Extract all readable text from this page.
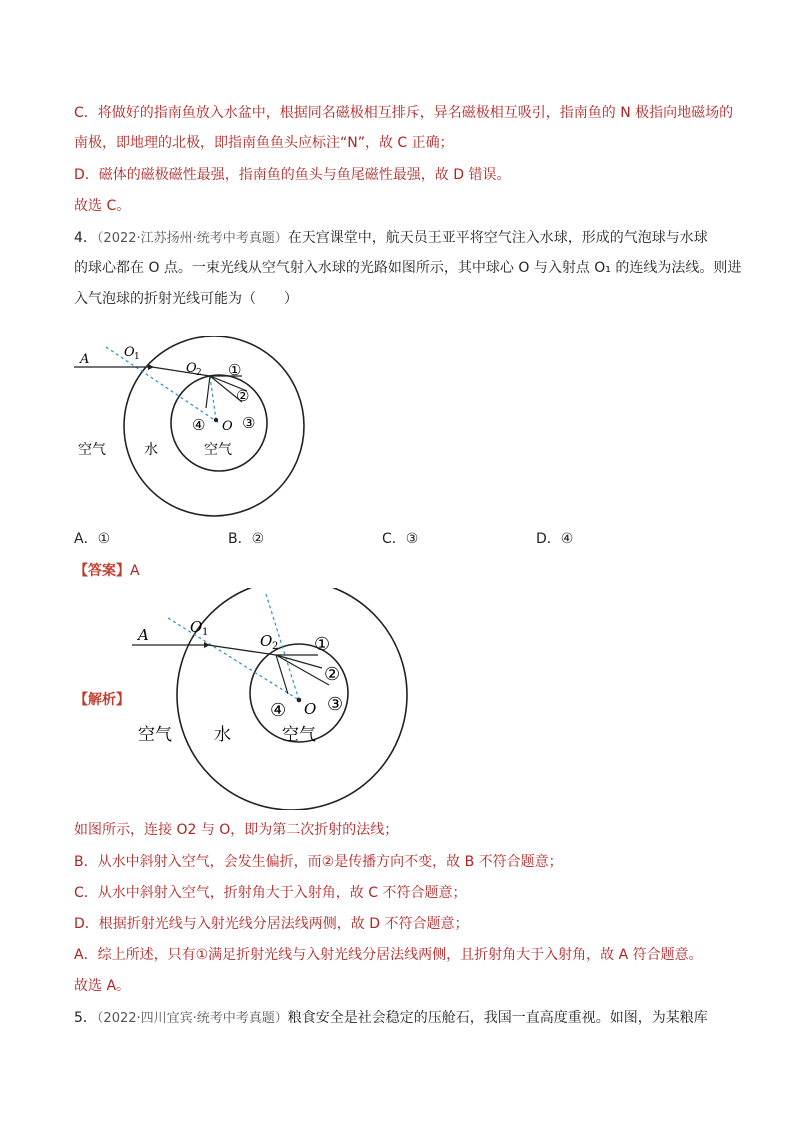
C．将做好的指南鱼放入水盆中，根据同名磁极相互排斥，异名磁极相互吸引，指南鱼的 N 极指向地磁场的
南极，即地理的北极，即指南鱼鱼头应标注“N”，故 C 正确；
D．磁体的磁极磁性最强，指南鱼的鱼头与鱼尾磁性最强，故 D 错误。
故选 C。
4．（2022·江苏扬州·统考中考真题）在天宫课堂中，航天员王亚平将空气注入水球，形成的气泡球与水球
的球心都在 O 点。一束光线从空气射入水球的光路如图所示，其中球心 O 与入射点 O₁ 的连线为法线。则进
入气泡球的折射光线可能为（　　）
A	O 1
O 2
O
①
②
③
④
空气	水	空气
A．①	B．②	C．③	D．④
【答案】A
【解析】
A	O 1	O 2
O
①
②
③
④
空气 水	空气
如图所示，连接 O2 与 O，即为第二次折射的法线；
B．从水中斜射入空气，会发生偏折，而②是传播方向不变，故 B 不符合题意；
C．从水中斜射入空气，折射角大于入射角，故 C 不符合题意；
D．根据折射光线与入射光线分居法线两侧，故 D 不符合题意；
A．综上所述，只有①满足折射光线与入射光线分居法线两侧，且折射角大于入射角，故 A 符合题意。
故选 A。
5．（2022·四川宜宾·统考中考真题）粮食安全是社会稳定的压舱石，我国一直高度重视。如图，为某粮库
